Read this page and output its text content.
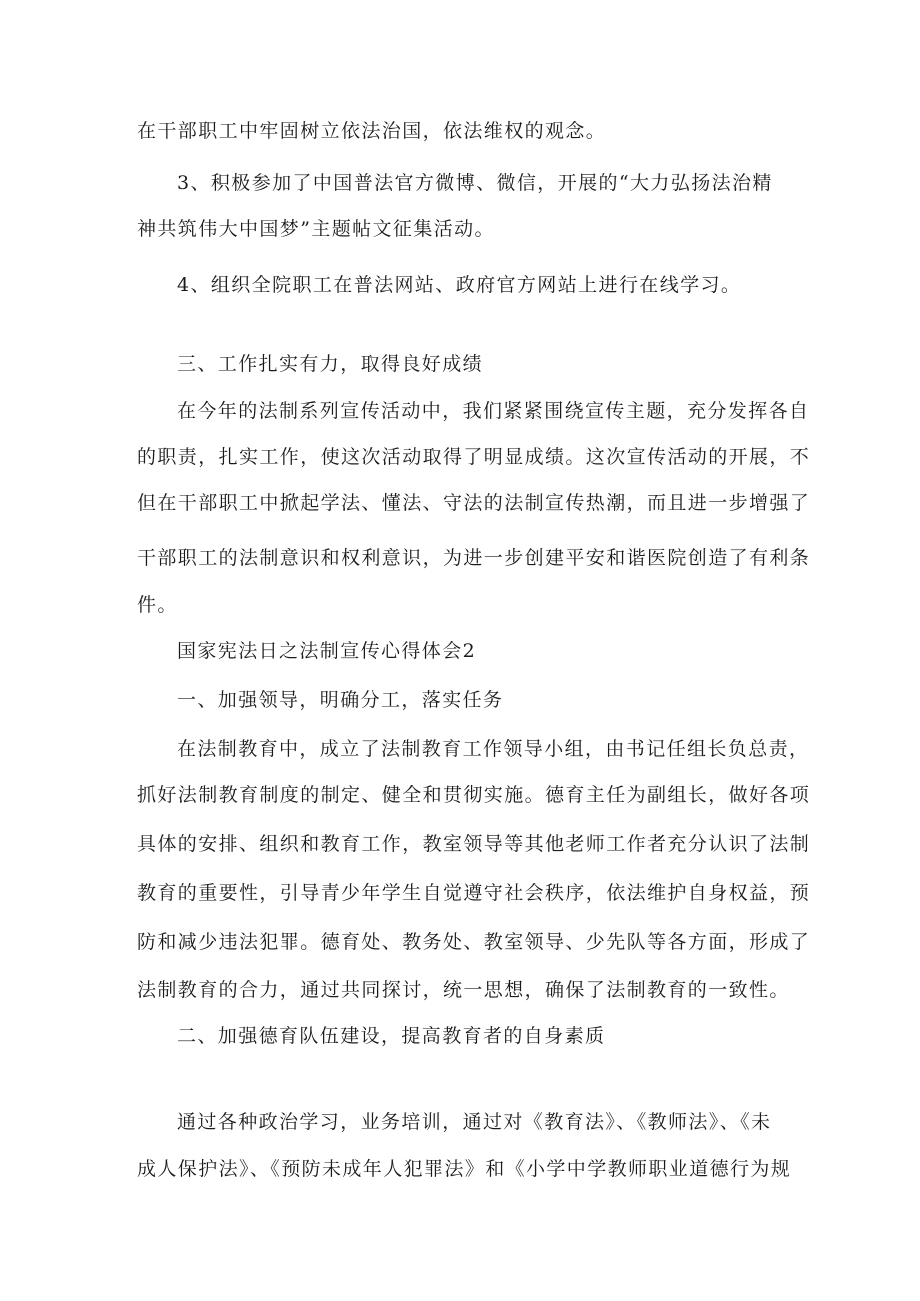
在干部职工中牢固树立依法治国，依法维权的观念。

3、积极参加了中国普法官方微博、微信，开展的“大力弘扬法治精

神共筑伟大中国梦”主题帖文征集活动。

4、组织全院职工在普法网站、政府官方网站上进行在线学习。

三、工作扎实有力，取得良好成绩

在今年的法制系列宣传活动中，我们紧紧围绕宣传主题，充分发挥各自

的职责，扎实工作，使这次活动取得了明显成绩。这次宣传活动的开展，不

但在干部职工中掀起学法、懂法、守法的法制宣传热潮，而且进一步增强了

干部职工的法制意识和权利意识，为进一步创建平安和谐医院创造了有利条

件。

国家宪法日之法制宣传心得体会2

一、加强领导，明确分工，落实任务

在法制教育中，成立了法制教育工作领导小组，由书记任组长负总责，

抓好法制教育制度的制定、健全和贯彻实施。德育主任为副组长，做好各项

具体的安排、组织和教育工作，教室领导等其他老师工作者充分认识了法制

教育的重要性，引导青少年学生自觉遵守社会秩序，依法维护自身权益，预

防和减少违法犯罪。德育处、教务处、教室领导、少先队等各方面，形成了

法制教育的合力，通过共同探讨，统一思想，确保了法制教育的一致性。

二、加强德育队伍建设，提高教育者的自身素质

通过各种政治学习，业务培训，通过对《教育法》、《教师法》、《未

成人保护法》、《预防未成年人犯罪法》和《小学中学教师职业道德行为规
